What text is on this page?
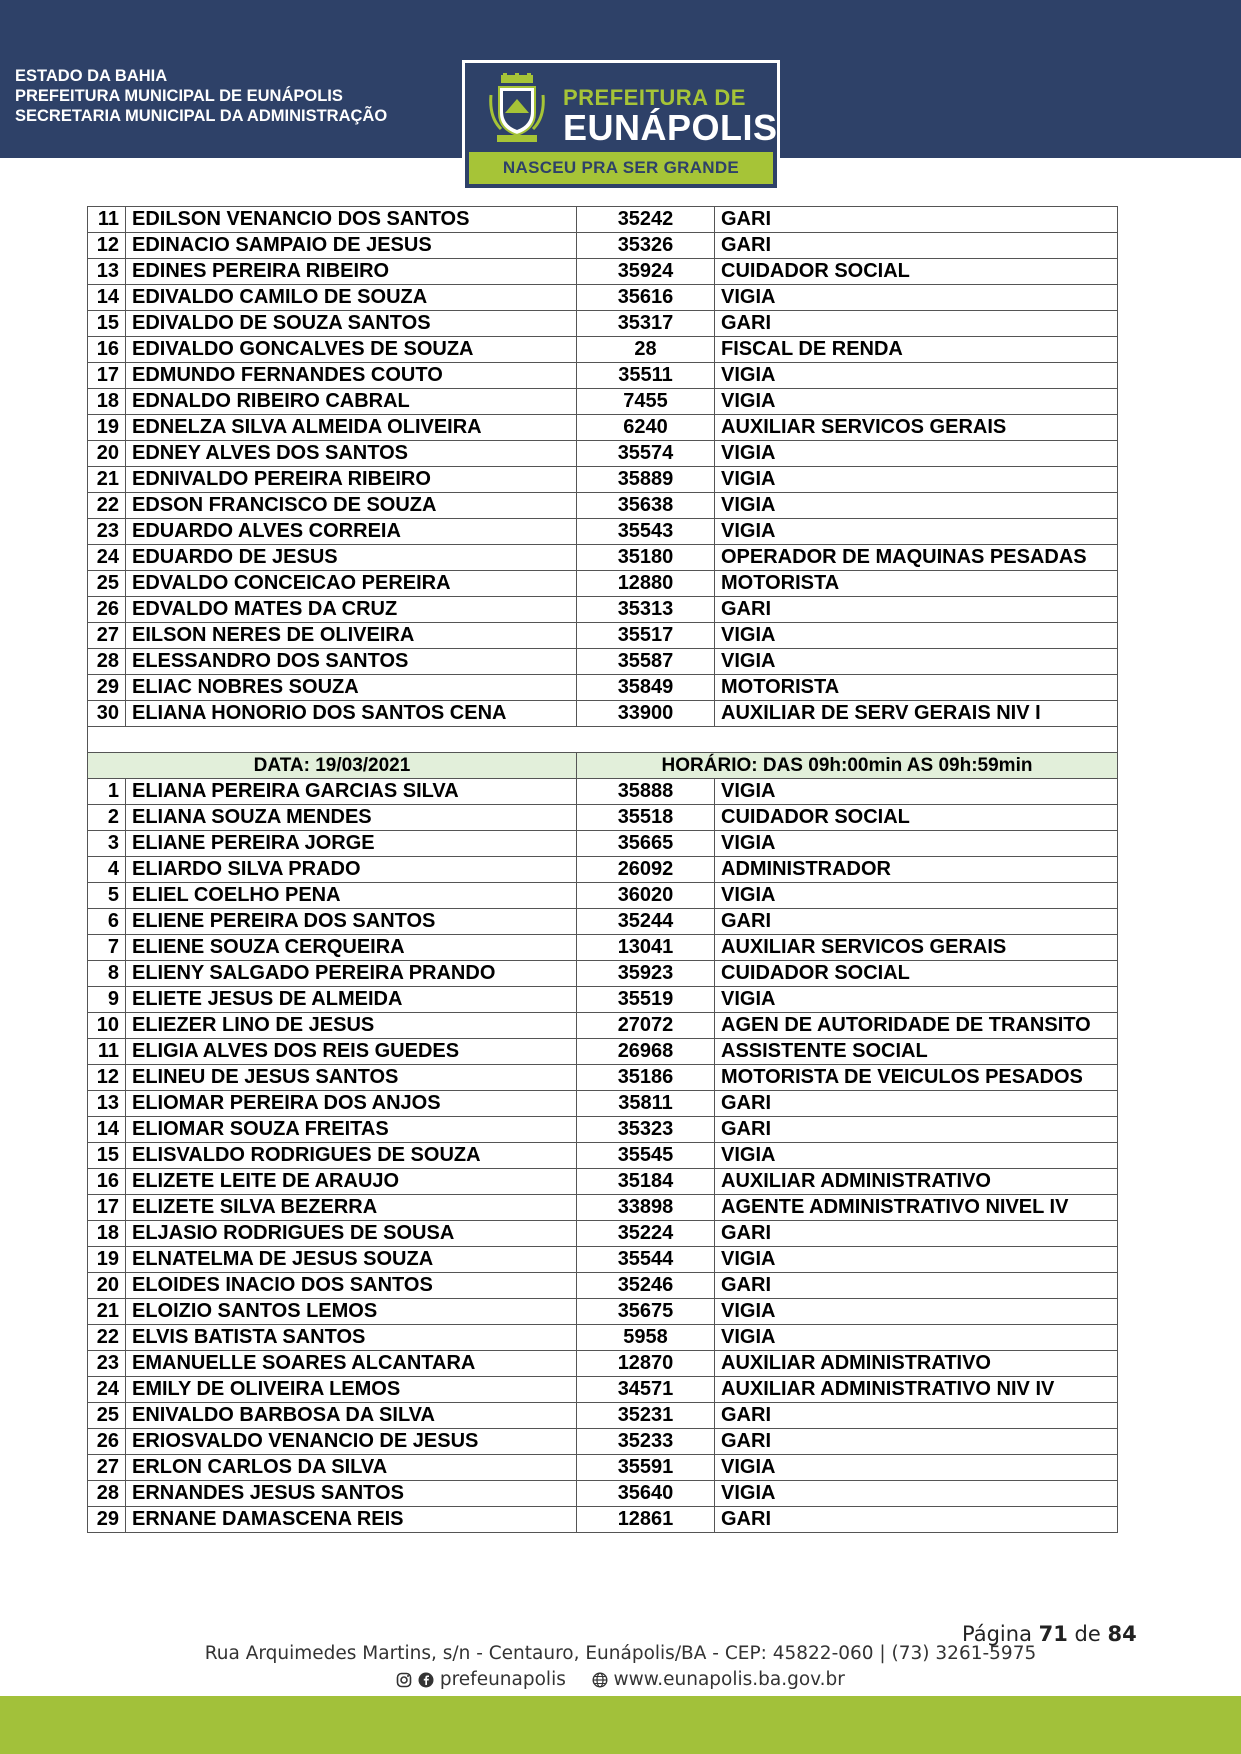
ESTADO DA BAHIA
PREFEITURA MUNICIPAL DE EUNÁPOLIS
SECRETARIA MUNICIPAL DA ADMINISTRAÇÃO
PREFEITURA DE
EUNÁPOLIS
NASCEU PRA SER GRANDE
11	EDILSON VENANCIO DOS SANTOS	35242	GARI
12	EDINACIO SAMPAIO DE JESUS	35326	GARI
13	EDINES PEREIRA RIBEIRO	35924	CUIDADOR SOCIAL
14	EDIVALDO CAMILO DE SOUZA	35616	VIGIA
15	EDIVALDO DE SOUZA SANTOS	35317	GARI
16	EDIVALDO GONCALVES DE SOUZA	28	FISCAL DE RENDA
17	EDMUNDO FERNANDES COUTO	35511	VIGIA
18	EDNALDO RIBEIRO CABRAL	7455	VIGIA
19	EDNELZA SILVA ALMEIDA OLIVEIRA	6240	AUXILIAR SERVICOS GERAIS
20	EDNEY ALVES DOS SANTOS	35574	VIGIA
21	EDNIVALDO PEREIRA RIBEIRO	35889	VIGIA
22	EDSON FRANCISCO DE SOUZA	35638	VIGIA
23	EDUARDO ALVES CORREIA	35543	VIGIA
24	EDUARDO DE JESUS	35180	OPERADOR DE MAQUINAS PESADAS
25	EDVALDO CONCEICAO PEREIRA	12880	MOTORISTA
26	EDVALDO MATES DA CRUZ	35313	GARI
27	EILSON NERES DE OLIVEIRA	35517	VIGIA
28	ELESSANDRO DOS SANTOS	35587	VIGIA
29	ELIAC NOBRES SOUZA	35849	MOTORISTA
30	ELIANA HONORIO DOS SANTOS CENA	33900	AUXILIAR DE SERV GERAIS NIV I

DATA: 19/03/2021		HORÁRIO: DAS 09h:00min AS 09h:59min	
1	ELIANA PEREIRA GARCIAS SILVA	35888	VIGIA
2	ELIANA SOUZA MENDES	35518	CUIDADOR SOCIAL
3	ELIANE PEREIRA JORGE	35665	VIGIA
4	ELIARDO SILVA PRADO	26092	ADMINISTRADOR
5	ELIEL COELHO PENA	36020	VIGIA
6	ELIENE PEREIRA DOS SANTOS	35244	GARI
7	ELIENE SOUZA CERQUEIRA	13041	AUXILIAR SERVICOS GERAIS
8	ELIENY SALGADO PEREIRA PRANDO	35923	CUIDADOR SOCIAL
9	ELIETE JESUS DE ALMEIDA	35519	VIGIA
10	ELIEZER LINO DE JESUS	27072	AGEN DE AUTORIDADE DE TRANSITO
11	ELIGIA ALVES DOS REIS GUEDES	26968	ASSISTENTE SOCIAL
12	ELINEU DE JESUS SANTOS	35186	MOTORISTA DE VEICULOS PESADOS
13	ELIOMAR PEREIRA DOS ANJOS	35811	GARI
14	ELIOMAR SOUZA FREITAS	35323	GARI
15	ELISVALDO RODRIGUES DE SOUZA	35545	VIGIA
16	ELIZETE LEITE DE ARAUJO	35184	AUXILIAR ADMINISTRATIVO
17	ELIZETE SILVA BEZERRA	33898	AGENTE ADMINISTRATIVO NIVEL IV
18	ELJASIO RODRIGUES DE SOUSA	35224	GARI
19	ELNATELMA DE JESUS SOUZA	35544	VIGIA
20	ELOIDES INACIO DOS SANTOS	35246	GARI
21	ELOIZIO SANTOS LEMOS	35675	VIGIA
22	ELVIS BATISTA SANTOS	5958	VIGIA
23	EMANUELLE SOARES ALCANTARA	12870	AUXILIAR ADMINISTRATIVO
24	EMILY DE OLIVEIRA LEMOS	34571	AUXILIAR ADMINISTRATIVO NIV IV
25	ENIVALDO BARBOSA DA SILVA	35231	GARI
26	ERIOSVALDO VENANCIO DE JESUS	35233	GARI
27	ERLON CARLOS DA SILVA	35591	VIGIA
28	ERNANDES JESUS SANTOS	35640	VIGIA
29	ERNANE DAMASCENA REIS	12861	GARI
Página 71 de 84
Rua Arquimedes Martins, s/n - Centauro, Eunápolis/BA - CEP: 45822-060 | (73) 3261-5975
prefeunapolis	www.eunapolis.ba.gov.br
